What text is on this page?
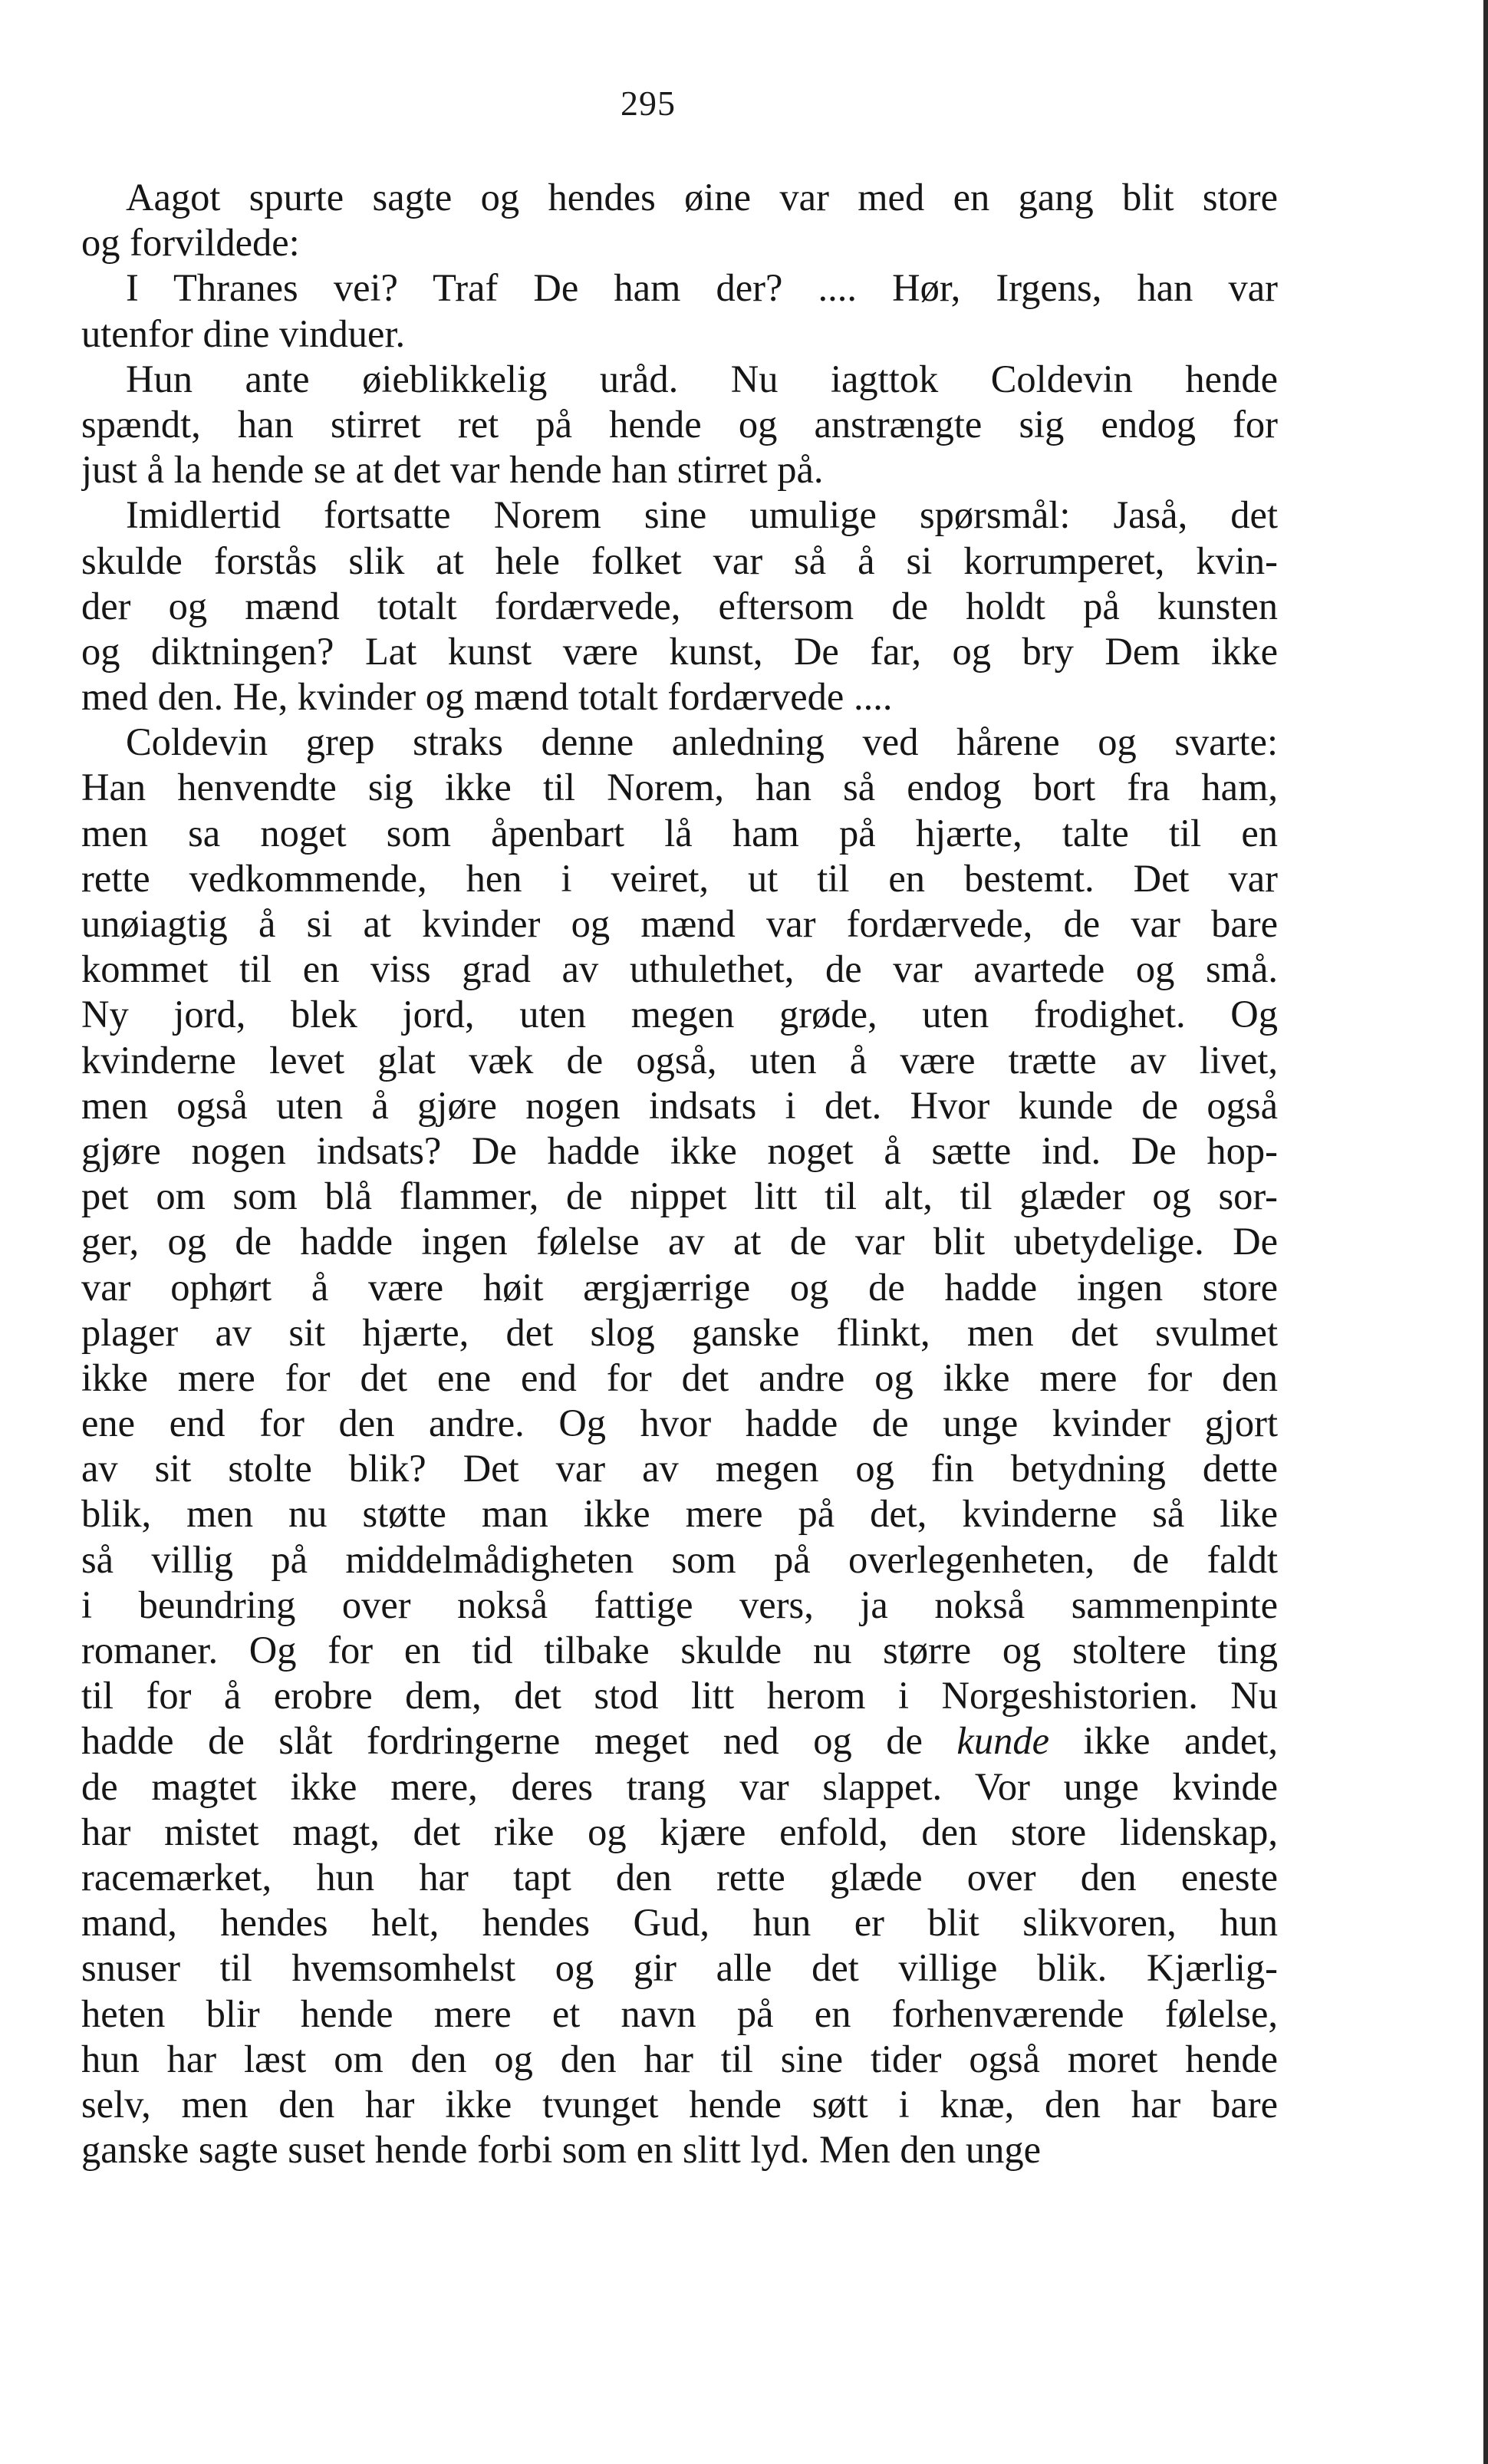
295
Aagot spurte sagte og hendes øine var med en gang blit store
og forvildede:
I Thranes vei? Traf De ham der? .... Hør, Irgens, han var
utenfor dine vinduer.
Hun ante øieblikkelig uråd. Nu iagttok Coldevin hende
spændt, han stirret ret på hende og anstrængte sig endog for
just å la hende se at det var hende han stirret på.
Imidlertid fortsatte Norem sine umulige spørsmål: Jaså, det
skulde forstås slik at hele folket var så å si korrumperet, kvin-
der og mænd totalt fordærvede, eftersom de holdt på kunsten
og diktningen? Lat kunst være kunst, De far, og bry Dem ikke
med den. He, kvinder og mænd totalt fordærvede ....
Coldevin grep straks denne anledning ved hårene og svarte:
Han henvendte sig ikke til Norem, han så endog bort fra ham,
men sa noget som åpenbart lå ham på hjærte, talte til en
rette vedkommende, hen i veiret, ut til en bestemt. Det var
unøiagtig å si at kvinder og mænd var fordærvede, de var bare
kommet til en viss grad av uthulethet, de var avartede og små.
Ny jord, blek jord, uten megen grøde, uten frodighet. Og
kvinderne levet glat væk de også, uten å være trætte av livet,
men også uten å gjøre nogen indsats i det. Hvor kunde de også
gjøre nogen indsats? De hadde ikke noget å sætte ind. De hop-
pet om som blå flammer, de nippet litt til alt, til glæder og sor-
ger, og de hadde ingen følelse av at de var blit ubetydelige. De
var ophørt å være høit ærgjærrige og de hadde ingen store
plager av sit hjærte, det slog ganske flinkt, men det svulmet
ikke mere for det ene end for det andre og ikke mere for den
ene end for den andre. Og hvor hadde de unge kvinder gjort
av sit stolte blik? Det var av megen og fin betydning dette
blik, men nu støtte man ikke mere på det, kvinderne så like
så villig på middelmådigheten som på overlegenheten, de faldt
i beundring over nokså fattige vers, ja nokså sammenpinte
romaner. Og for en tid tilbake skulde nu større og stoltere ting
til for å erobre dem, det stod litt herom i Norgeshistorien. Nu
hadde de slåt fordringerne meget ned og de kunde ikke andet,
de magtet ikke mere, deres trang var slappet. Vor unge kvinde
har mistet magt, det rike og kjære enfold, den store lidenskap,
racemærket, hun har tapt den rette glæde over den eneste
mand, hendes helt, hendes Gud, hun er blit slikvoren, hun
snuser til hvemsomhelst og gir alle det villige blik. Kjærlig-
heten blir hende mere et navn på en forhenværende følelse,
hun har læst om den og den har til sine tider også moret hende
selv, men den har ikke tvunget hende søtt i knæ, den har bare
ganske sagte suset hende forbi som en slitt lyd. Men den unge
